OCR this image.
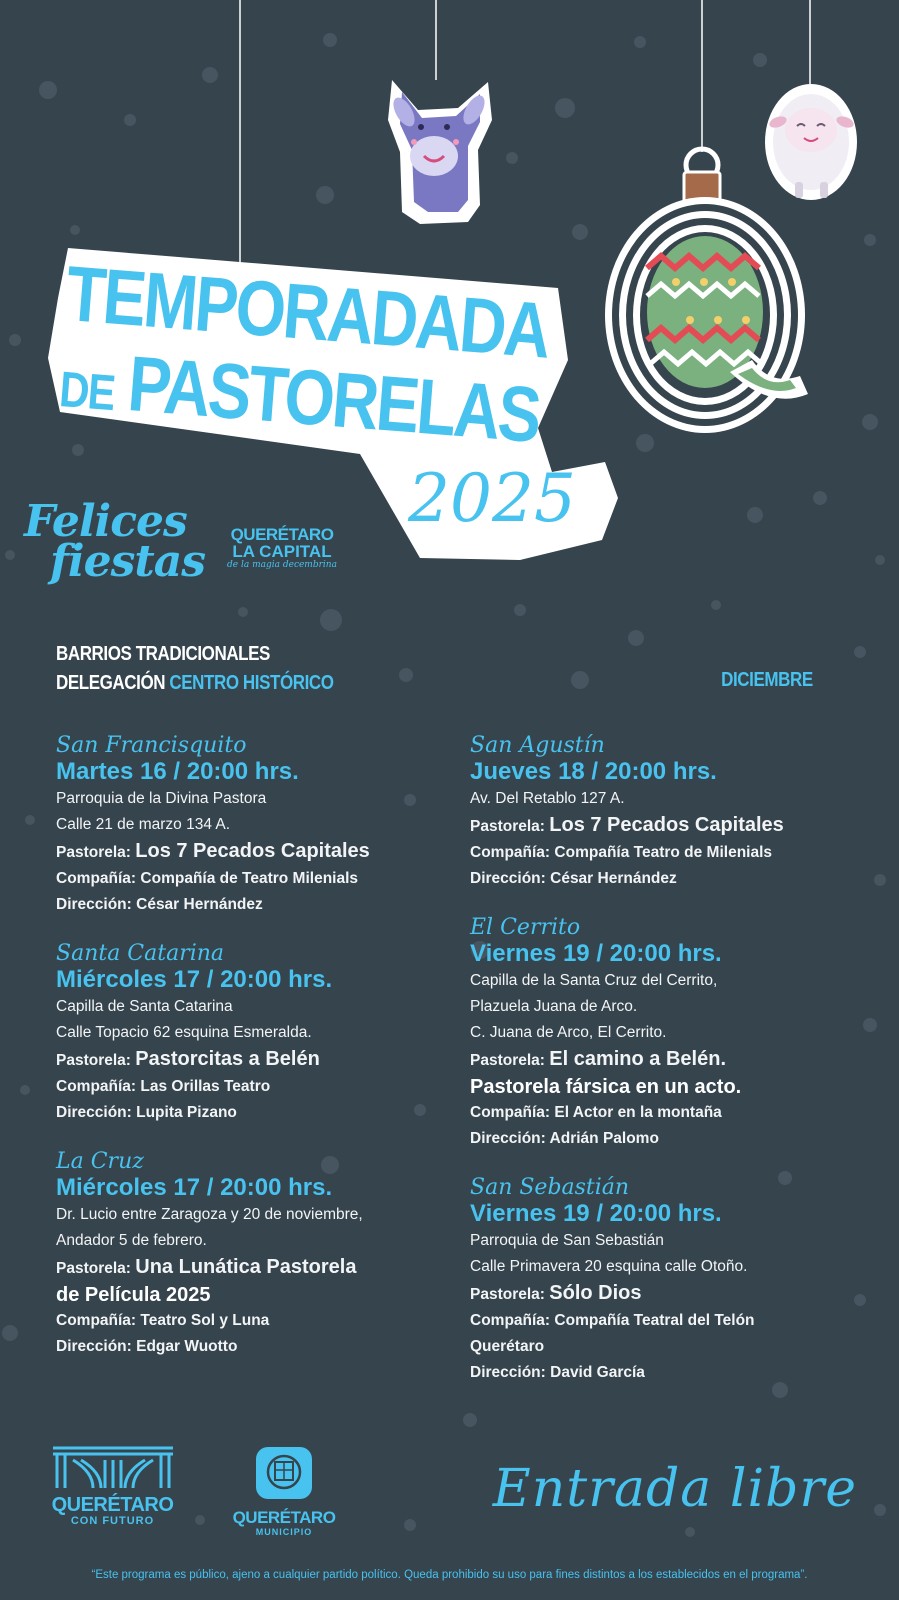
TEMPORADADA
DE PASTORELAS
2025
Felices
fiestas
QUERÉTARO
LA CAPITAL
de la magia decembrina
BARRIOS TRADICIONALES
DELEGACIÓN CENTRO HISTÓRICO	DICIEMBRE
San Francisquito
Martes 16 / 20:00 hrs.
Parroquia de la Divina Pastora
Calle 21 de marzo 134 A.
Pastorela: Los 7 Pecados Capitales
Compañía: Compañía de Teatro Milenials
Dirección: César Hernández
Santa Catarina
Miércoles 17 / 20:00 hrs.
Capilla de Santa Catarina
Calle Topacio 62 esquina Esmeralda.
Pastorela: Pastorcitas a Belén
Compañía: Las Orillas Teatro
Dirección: Lupita Pizano
La Cruz
Miércoles 17 / 20:00 hrs.
Dr. Lucio entre Zaragoza y 20 de noviembre,
Andador 5 de febrero.
Pastorela: Una Lunática Pastorela
de Película 2025
Compañía: Teatro Sol y Luna
Dirección: Edgar Wuotto
San Agustín
Jueves 18 / 20:00 hrs.
Av. Del Retablo 127 A.
Pastorela: Los 7 Pecados Capitales
Compañía: Compañía Teatro de Milenials
Dirección: César Hernández
El Cerrito
Viernes 19 / 20:00 hrs.
Capilla de la Santa Cruz del Cerrito,
Plazuela Juana de Arco.
C. Juana de Arco, El Cerrito.
Pastorela: El camino a Belén.
Pastorela fársica en un acto.
Compañía: El Actor en la montaña
Dirección: Adrián Palomo
San Sebastián
Viernes 19 / 20:00 hrs.
Parroquia de San Sebastián
Calle Primavera 20 esquina calle Otoño.
Pastorela: Sólo Dios
Compañía: Compañía Teatral del Telón
Querétaro
Dirección: David García
QUERÉTARO
CON FUTURO	QUERÉTARO
MUNICIPIO
Entrada libre
“Este programa es público, ajeno a cualquier partido político. Queda prohibido su uso para fines distintos a los establecidos en el programa”.
